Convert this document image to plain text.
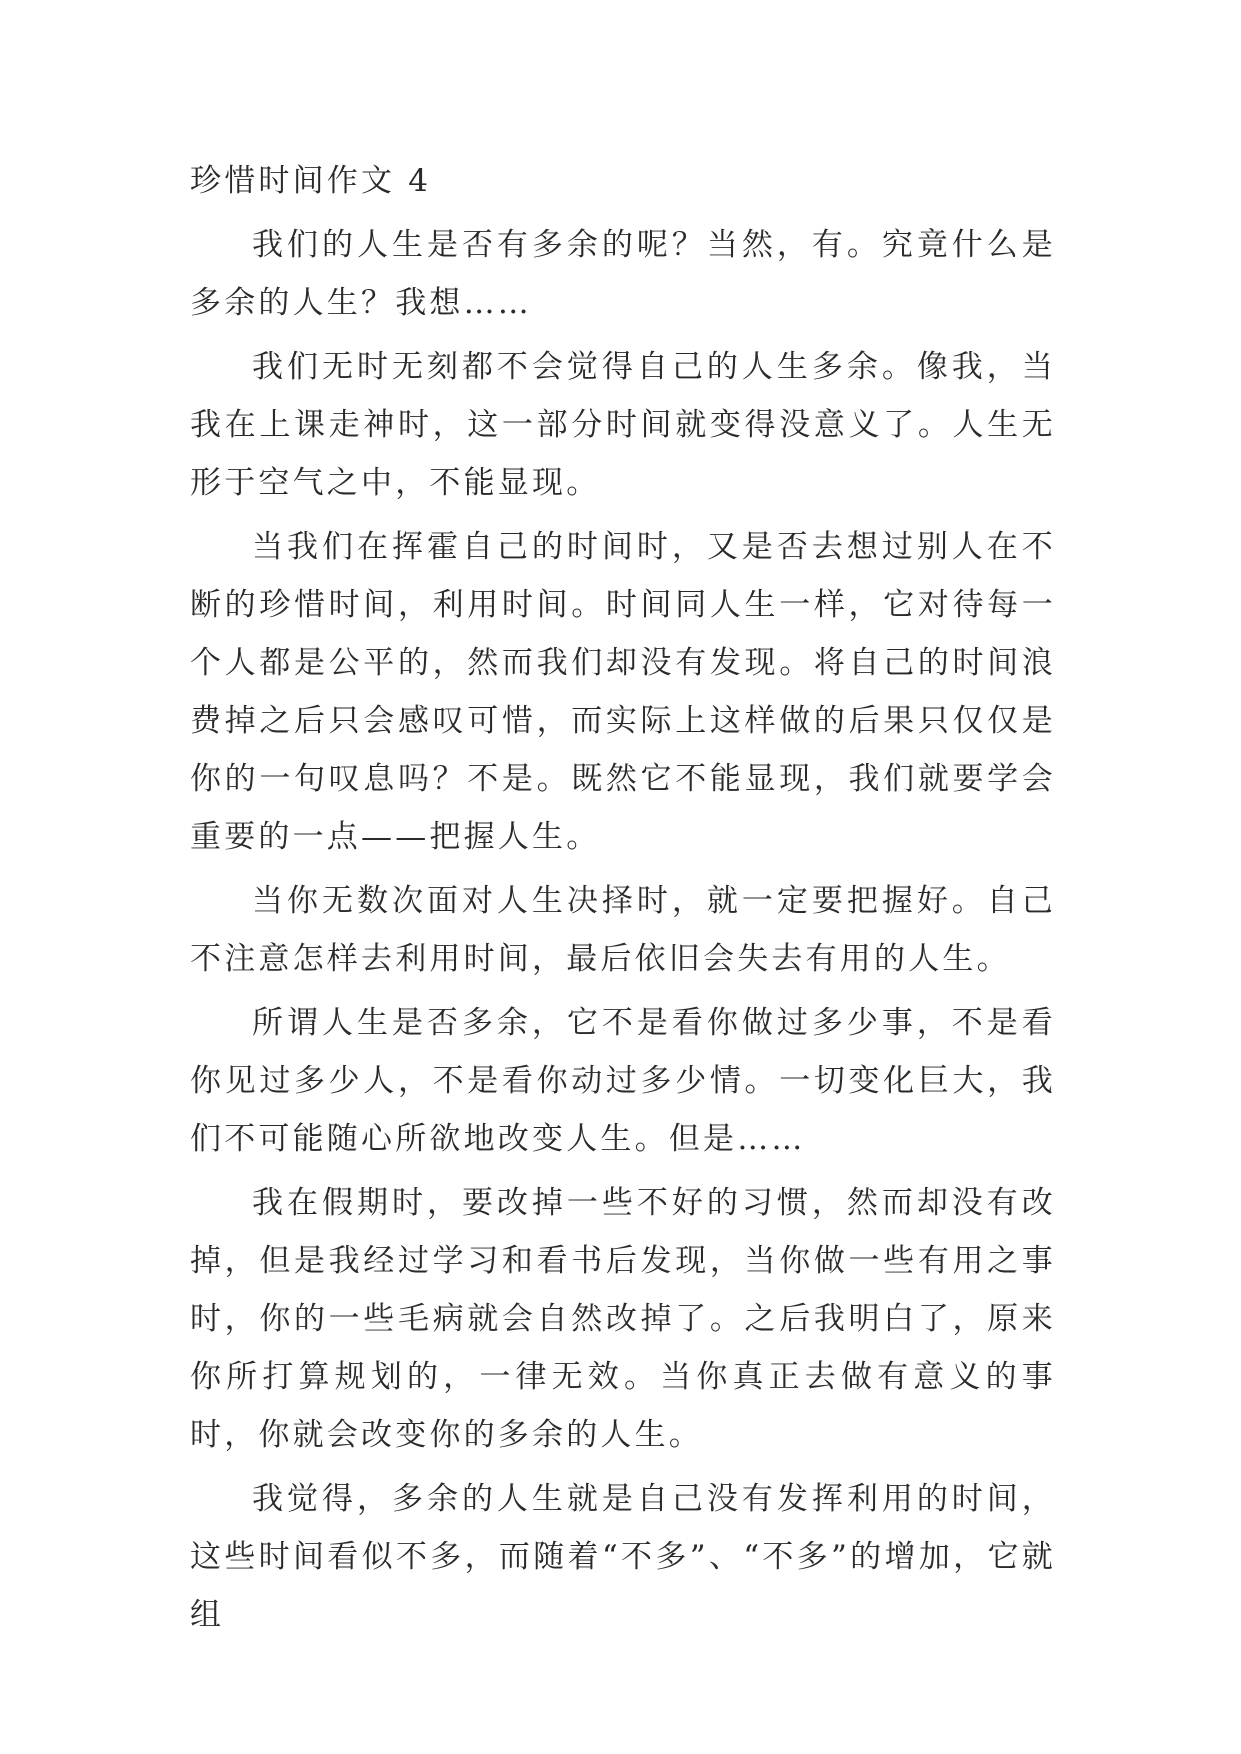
珍惜时间作文 4

我们的人生是否有多余的呢？当然，有。究竟什么是多余的人生？我想……

我们无时无刻都不会觉得自己的人生多余。像我，当我在上课走神时，这一部分时间就变得没意义了。人生无形于空气之中，不能显现。

当我们在挥霍自己的时间时，又是否去想过别人在不断的珍惜时间，利用时间。时间同人生一样，它对待每一个人都是公平的，然而我们却没有发现。将自己的时间浪费掉之后只会感叹可惜，而实际上这样做的后果只仅仅是你的一句叹息吗？不是。既然它不能显现，我们就要学会重要的一点——把握人生。

当你无数次面对人生决择时，就一定要把握好。自己不注意怎样去利用时间，最后依旧会失去有用的人生。

所谓人生是否多余，它不是看你做过多少事，不是看你见过多少人，不是看你动过多少情。一切变化巨大，我们不可能随心所欲地改变人生。但是……

我在假期时，要改掉一些不好的习惯，然而却没有改掉，但是我经过学习和看书后发现，当你做一些有用之事时，你的一些毛病就会自然改掉了。之后我明白了，原来你所打算规划的，一律无效。当你真正去做有意义的事时，你就会改变你的多余的人生。

我觉得，多余的人生就是自己没有发挥利用的时间，这些时间看似不多，而随着“不多”、“不多”的增加，它就组
